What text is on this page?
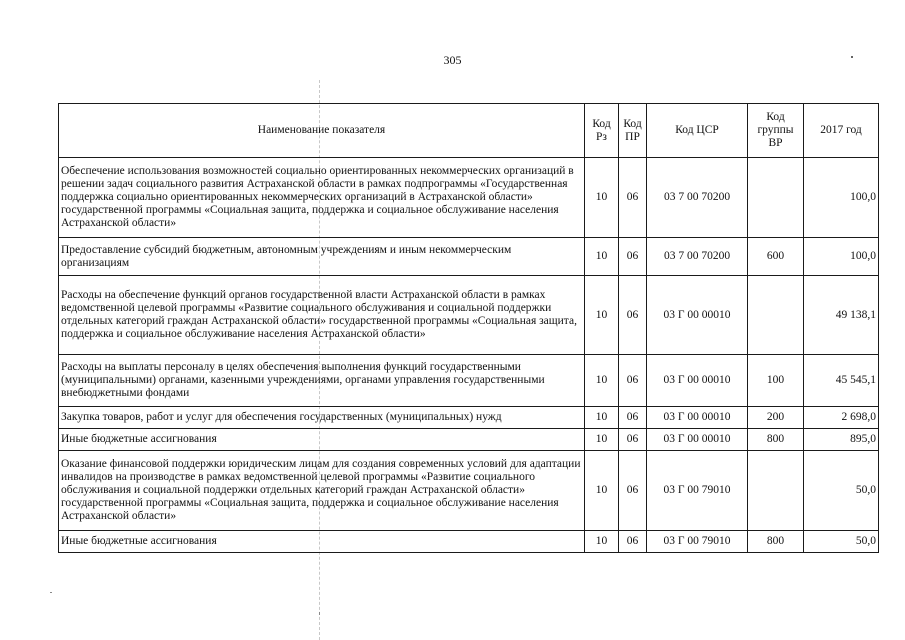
305
Наименование показателя	Код Рз	Код ПР	Код ЦСР	Код группы ВР	2017 год
Обеспечение использования возможностей социально ориентированных некоммерческих организаций в решении задач социального развития Астраханской области в рамках подпрограммы «Государственная поддержка социально ориентированных некоммерческих организаций в Астраханской области» государственной программы «Социальная защита, поддержка и социальное обслуживание населения Астраханской области»	10	06	03 7 00 70200		100,0
Предоставление субсидий бюджетным, автономным учреждениям и иным некоммерческим организациям	10	06	03 7 00 70200	600	100,0
Расходы на обеспечение функций органов государственной власти Астраханской области в рамках ведомственной целевой программы «Развитие социального обслуживания и социальной поддержки отдельных категорий граждан Астраханской области» государственной программы «Социальная защита, поддержка и социальное обслуживание населения Астраханской области»	10	06	03 Г 00 00010		49 138,1
Расходы на выплаты персоналу в целях обеспечения выполнения функций государственными (муниципальными) органами, казенными учреждениями, органами управления государственными внебюджетными фондами	10	06	03 Г 00 00010	100	45 545,1
Закупка товаров, работ и услуг для обеспечения государственных (муниципальных) нужд	10	06	03 Г 00 00010	200	2 698,0
Иные бюджетные ассигнования	10	06	03 Г 00 00010	800	895,0
Оказание финансовой поддержки юридическим лицам для создания современных условий для адаптации инвалидов на производстве в рамках ведомственной целевой программы «Развитие социального обслуживания и социальной поддержки отдельных категорий граждан Астраханской области» государственной программы «Социальная защита, поддержка и социальное обслуживание населения Астраханской области»	10	06	03 Г 00 79010		50,0
Иные бюджетные ассигнования	10	06	03 Г 00 79010	800	50,0
